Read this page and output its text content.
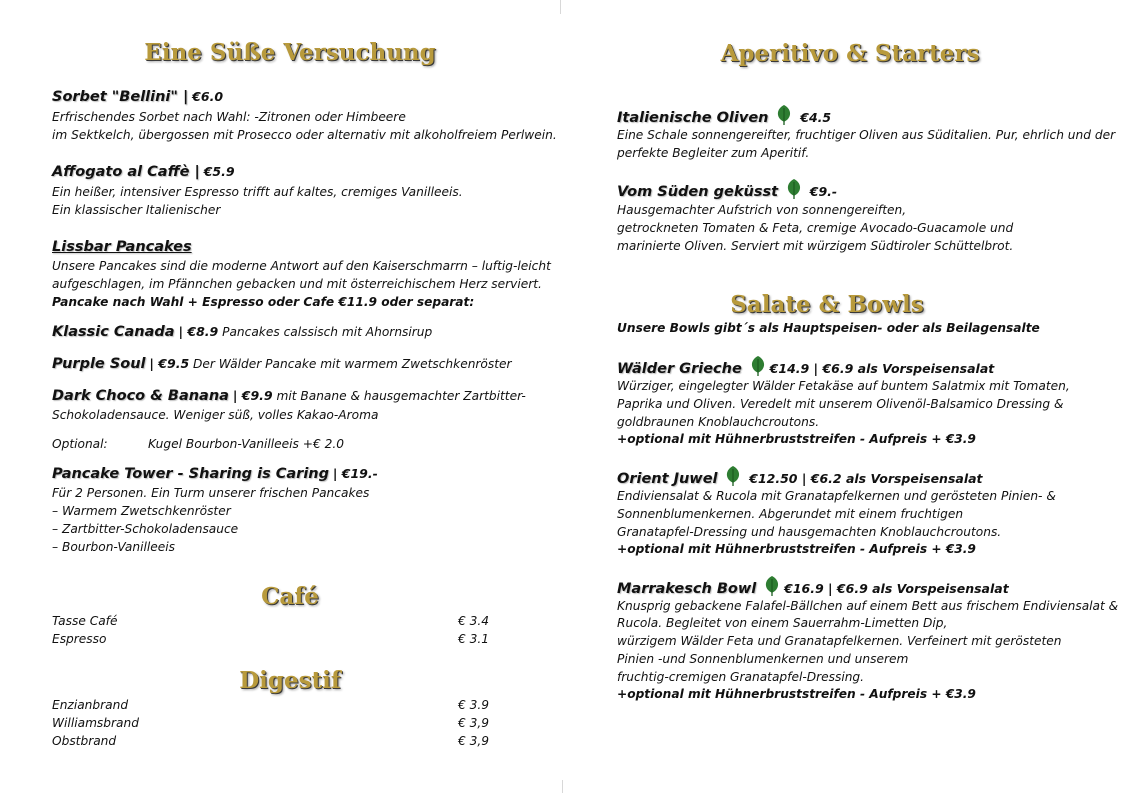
Eine Süße Versuchung
Sorbet "Bellini" | €6.0
Erfrischendes Sorbet nach Wahl: -Zitronen oder Himbeere
im Sektkelch, übergossen mit Prosecco oder alternativ mit alkoholfreiem Perlwein.
Affogato al Caffè | €5.9
Ein heißer, intensiver Espresso trifft auf kaltes, cremiges Vanilleeis.
Ein klassischer Italienischer
Lissbar Pancakes
Unsere Pancakes sind die moderne Antwort auf den Kaiserschmarrn – luftig-leicht
aufgeschlagen, im Pfännchen gebacken und mit österreichischem Herz serviert.
Pancake nach Wahl + Espresso oder Cafe €11.9 oder separat:
Klassic Canada | €8.9 Pancakes calssisch mit Ahornsirup
Purple Soul | €9.5 Der Wälder Pancake mit warmem Zwetschkenröster
Dark Choco & Banana | €9.9 mit Banane & hausgemachter Zartbitter-
Schokoladensauce. Weniger süß, volles Kakao-Aroma
Optional:	Kugel Bourbon-Vanilleeis +€ 2.0
Pancake Tower - Sharing is Caring | €19.-
Für 2 Personen. Ein Turm unserer frischen Pancakes
– Warmem Zwetschkenröster
– Zartbitter-Schokoladensauce
– Bourbon-Vanilleeis
Café
Tasse Café	€ 3.4
Espresso	€ 3.1
Digestif
Enzianbrand	€ 3.9
Williamsbrand	€ 3,9
Obstbrand	€ 3,9
Aperitivo & Starters
Italienische Oliven	€4.5
Eine Schale sonnengereifter, fruchtiger Oliven aus Süditalien. Pur, ehrlich und der
perfekte Begleiter zum Aperitif.
Vom Süden geküsst	€9.-
Hausgemachter Aufstrich von sonnengereiften,
getrockneten Tomaten & Feta, cremige Avocado-Guacamole und
marinierte Oliven. Serviert mit würzigem Südtiroler Schüttelbrot.
Salate & Bowls
Unsere Bowls gibt´s als Hauptspeisen- oder als Beilagensalte
Wälder Grieche €14.9 | €6.9 als Vorspeisensalat
Würziger, eingelegter Wälder Fetakäse auf buntem Salatmix mit Tomaten,
Paprika und Oliven. Veredelt mit unserem Olivenöl-Balsamico Dressing &
goldbraunen Knoblauchcroutons.
+optional mit Hühnerbruststreifen - Aufpreis + €3.9
Orient Juwel	€12.50 | €6.2 als Vorspeisensalat
Endiviensalat & Rucola mit Granatapfelkernen und gerösteten Pinien- &
Sonnenblumenkernen. Abgerundet mit einem fruchtigen
Granatapfel-Dressing und hausgemachten Knoblauchcroutons.
+optional mit Hühnerbruststreifen - Aufpreis + €3.9
Marrakesch Bowl €16.9 | €6.9 als Vorspeisensalat
Knusprig gebackene Falafel-Bällchen auf einem Bett aus frischem Endiviensalat &
Rucola. Begleitet von einem Sauerrahm-Limetten Dip,
würzigem Wälder Feta und Granatapfelkernen. Verfeinert mit gerösteten
Pinien -und Sonnenblumenkernen und unserem
fruchtig-cremigen Granatapfel-Dressing.
+optional mit Hühnerbruststreifen - Aufpreis + €3.9
